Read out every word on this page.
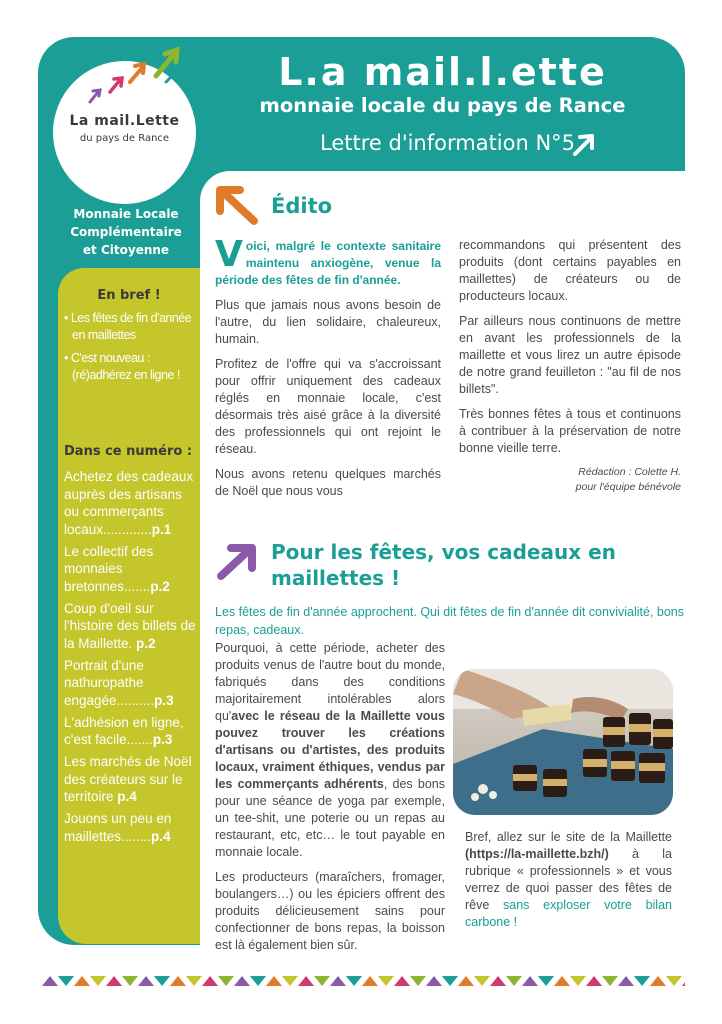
La mail.Lette
du pays de Rance
Monnaie Locale
Complémentaire
et Citoyenne
L.a mail.l.ette
monnaie locale du pays de Rance
Lettre d'information N°5
En bref !
• Les fêtes de fin d'année en maillettes
• C'est nouveau : (ré)adhérez en ligne !
Dans ce numéro :
Achetez des cadeaux auprès des artisans ou commerçants locaux.............p.1
Le collectif des monnaies bretonnes.......p.2
Coup d'oeil sur l'histoire des billets de la Maillette. p.2
Portrait d'une nathuropathe engagée..........p.3
L'adhésion en ligne, c'est facile.......p.3
Les marchés de Noël des créateurs sur le territoire p.4
Jouons un peu en maillettes........p.4
Édito

Voici, malgré le contexte sanitaire maintenu anxiogène, venue la période des fêtes de fin d'année.

Plus que jamais nous avons besoin de l'autre, du lien solidaire, chaleureux, humain.

Profitez de l'offre qui va s'accroissant pour offrir uniquement des cadeaux réglés en monnaie locale, c'est désormais très aisé grâce à la diversité des professionnels qui ont rejoint le réseau.

Nous avons retenu quelques marchés de Noël que nous vous

recommandons qui présentent des produits (dont certains payables en maillettes) de créateurs ou de producteurs locaux.

Par ailleurs nous continuons de mettre en avant les professionnels de la maillette et vous lirez un autre épisode de notre grand feuilleton : "au fil de nos billets".

Très bonnes fêtes à tous et continuons à contribuer à la préservation de notre bonne vieille terre.

Rédaction : Colette H.
pour l'équipe bénévole
Pour les fêtes, vos cadeaux en maillettes !
Les fêtes de fin d'année approchent. Qui dit fêtes de fin d'année dit convivialité, bons repas, cadeaux.

Pourquoi, à cette période, acheter des produits venus de l'autre bout du monde, fabriqués dans des conditions majoritairement intolérables alors qu'avec le réseau de la Maillette vous pouvez trouver les créations d'artisans ou d'artistes, des produits locaux, vraiment éthiques, vendus par les commerçants adhérents, des bons pour une séance de yoga par exemple, un tee-shit, une poterie ou un repas au restaurant, etc, etc… le tout payable en monnaie locale.

Les producteurs (maraîchers, fromager, boulangers…) ou les épiciers offrent des produits délicieusement sains pour confectionner de bons repas, la boisson est là également bien sûr.

Bref, allez sur le site de la Maillette (https://la-maillette.bzh/) à la rubrique « professionnels » et vous verrez de quoi passer des fêtes de rêve sans exploser votre bilan carbone !
